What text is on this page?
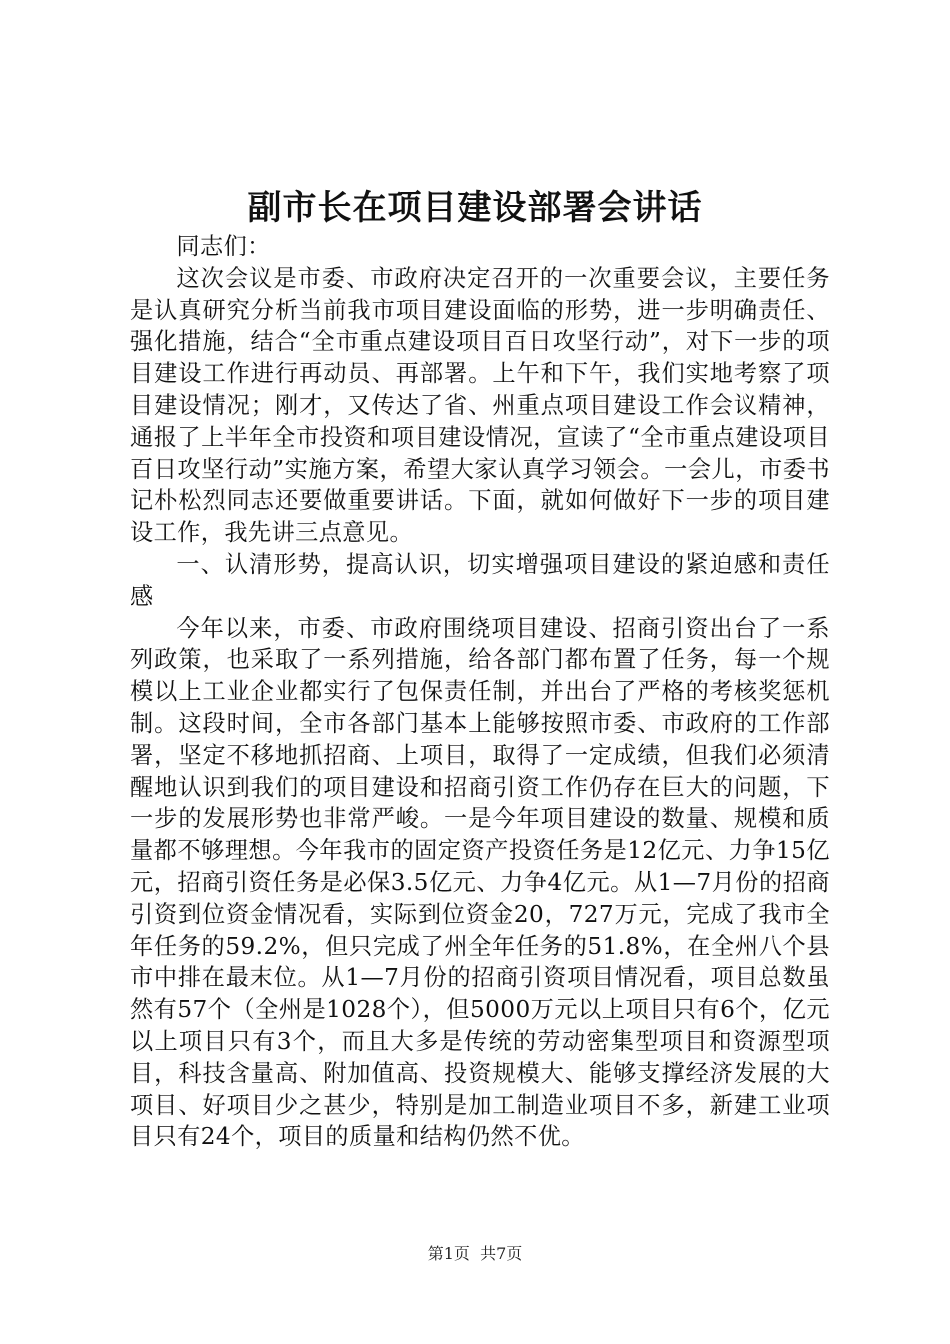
副市长在项目建设部署会讲话

同志们：

这次会议是市委、市政府决定召开的一次重要会议，主要任务是认真研究分析当前我市项目建设面临的形势，进一步明确责任、强化措施，结合“全市重点建设项目百日攻坚行动”，对下一步的项目建设工作进行再动员、再部署。上午和下午，我们实地考察了项目建设情况；刚才，又传达了省、州重点项目建设工作会议精神，通报了上半年全市投资和项目建设情况，宣读了“全市重点建设项目百日攻坚行动”实施方案，希望大家认真学习领会。一会儿，市委书记朴松烈同志还要做重要讲话。下面，就如何做好下一步的项目建设工作，我先讲三点意见。

一、认清形势，提高认识，切实增强项目建设的紧迫感和责任感

今年以来，市委、市政府围绕项目建设、招商引资出台了一系列政策，也采取了一系列措施，给各部门都布置了任务，每一个规模以上工业企业都实行了包保责任制，并出台了严格的考核奖惩机制。这段时间，全市各部门基本上能够按照市委、市政府的工作部署，坚定不移地抓招商、上项目，取得了一定成绩，但我们必须清醒地认识到我们的项目建设和招商引资工作仍存在巨大的问题，下一步的发展形势也非常严峻。一是今年项目建设的数量、规模和质量都不够理想。今年我市的固定资产投资任务是12亿元、力争15亿元，招商引资任务是必保3.5亿元、力争4亿元。从1—7月份的招商引资到位资金情况看，实际到位资金20，727万元，完成了我市全年任务的59.2%，但只完成了州全年任务的51.8%，在全州八个县市中排在最末位。从1—7月份的招商引资项目情况看，项目总数虽然有57个（全州是1028个），但5000万元以上项目只有6个，亿元以上项目只有3个，而且大多是传统的劳动密集型项目和资源型项目，科技含量高、附加值高、投资规模大、能够支撑经济发展的大项目、好项目少之甚少，特别是加工制造业项目不多，新建工业项目只有24个，项目的质量和结构仍然不优。

第1页 共7页
